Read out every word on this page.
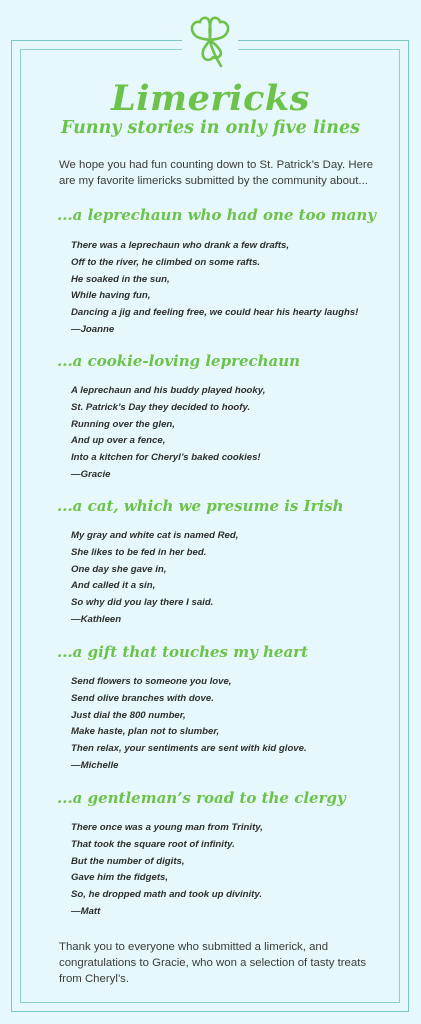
Limericks
Funny stories in only five lines

We hope you had fun counting down to St. Patrick’s Day. Here are my favorite limericks submitted by the community about...

...a leprechaun who had one too many
There was a leprechaun who drank a few drafts,
Off to the river, he climbed on some rafts.
He soaked in the sun,
While having fun,
Dancing a jig and feeling free, we could hear his hearty laughs!
—Joanne
...a cookie-loving leprechaun
A leprechaun and his buddy played hooky,
St. Patrick’s Day they decided to hoofy.
Running over the glen,
And up over a fence,
Into a kitchen for Cheryl’s baked cookies!
—Gracie
...a cat, which we presume is Irish
My gray and white cat is named Red,
She likes to be fed in her bed.
One day she gave in,
And called it a sin,
So why did you lay there I said.
—Kathleen
...a gift that touches my heart
Send flowers to someone you love,
Send olive branches with dove.
Just dial the 800 number,
Make haste, plan not to slumber,
Then relax, your sentiments are sent with kid glove.
—Michelle
...a gentleman’s road to the clergy
There once was a young man from Trinity,
That took the square root of infinity.
But the number of digits,
Gave him the fidgets,
So, he dropped math and took up divinity.
—Matt

Thank you to everyone who submitted a limerick, and congratulations to Gracie, who won a selection of tasty treats from Cheryl’s.
